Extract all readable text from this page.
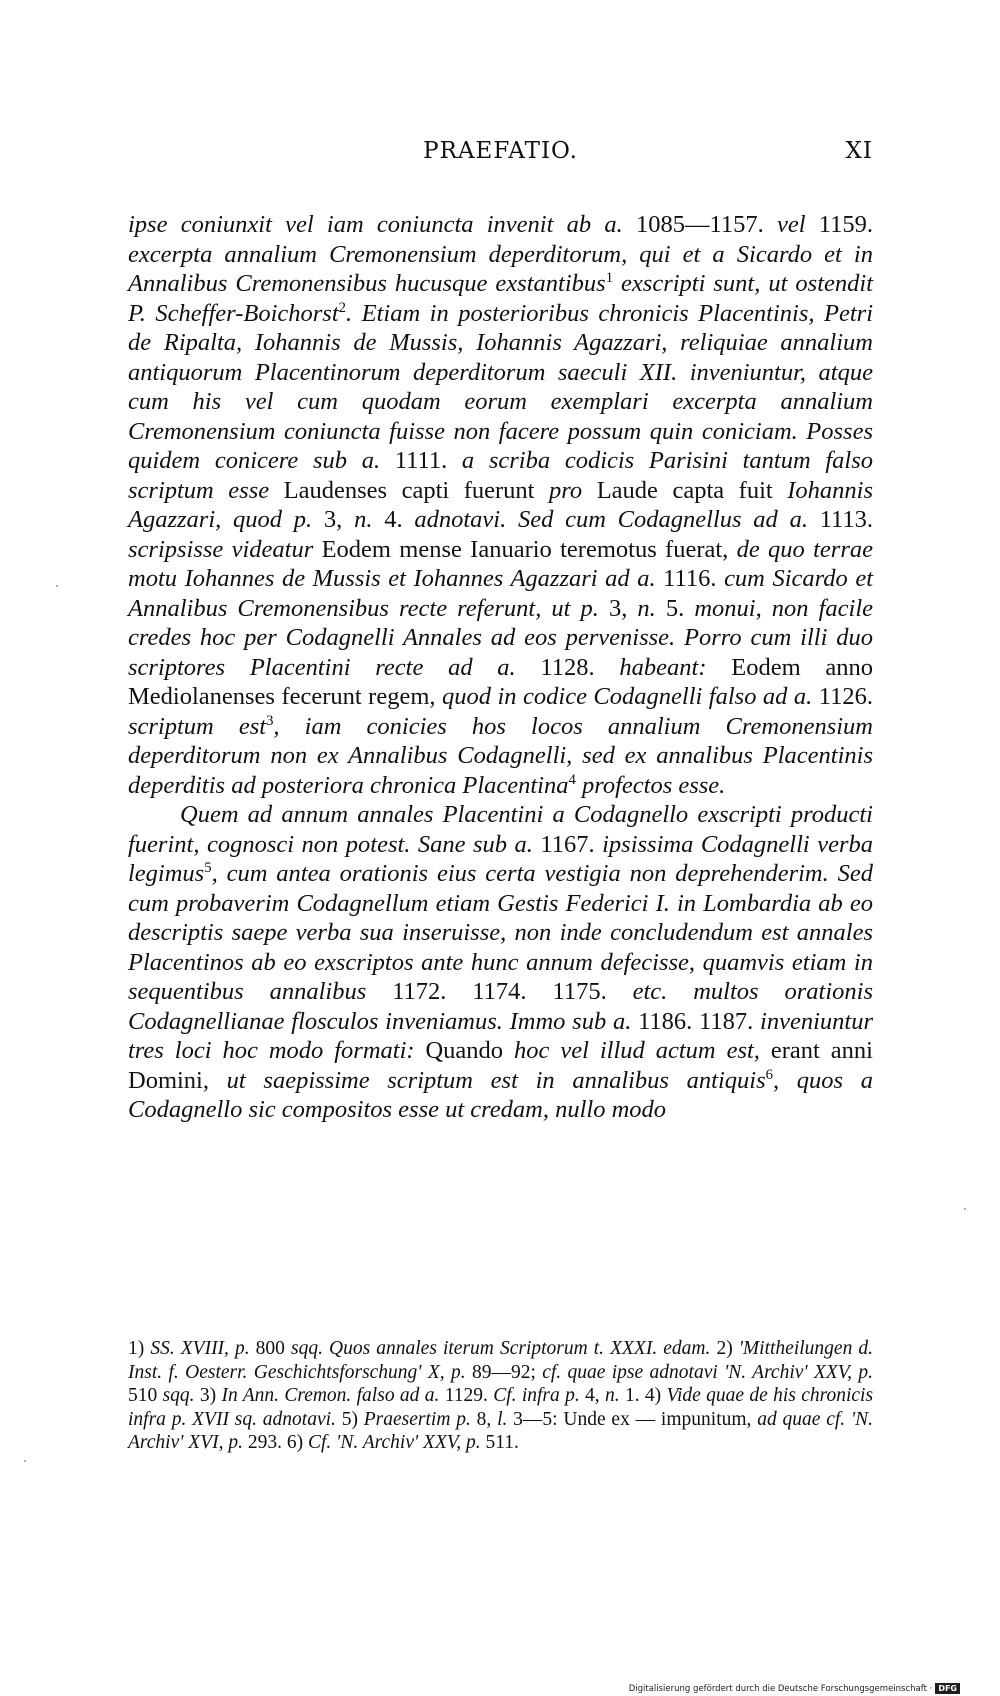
PRAEFATIO.	XI

ipse coniunxit vel iam coniuncta invenit ab a. 1085—1157. vel 1159. excerpta annalium Cremonensium deperditorum, qui et a Sicardo et in Annalibus Cremonensibus hucusque exstantibus$^1$ exscripti sunt, ut ostendit P. Scheffer-Boichorst$^2$. Etiam in posterioribus chronicis Placentinis, Petri de Ripalta, Iohannis de Mussis, Iohannis Agazzari, reliquiae annalium antiquorum Placentinorum deperditorum saeculi XII. inveniuntur, atque cum his vel cum quodam eorum exemplari excerpta annalium Cremonensium coniuncta fuisse non facere possum quin coniciam. Posses quidem conicere sub a. 1111. a scriba codicis Parisini tantum falso scriptum esse Laudenses capti fuerunt pro Laude capta fuit Iohannis Agazzari, quod p. 3, n. 4. adnotavi. Sed cum Codagnellus ad a. 1113. scripsisse videatur Eodem mense Ianuario teremotus fuerat, de quo terrae motu Iohannes de Mussis et Iohannes Agazzari ad a. 1116. cum Sicardo et Annalibus Cremonensibus recte referunt, ut p. 3, n. 5. monui, non facile credes hoc per Codagnelli Annales ad eos pervenisse. Porro cum illi duo scriptores Placentini recte ad a. 1128. habeant: Eodem anno Mediolanenses fecerunt regem, quod in codice Codagnelli falso ad a. 1126. scriptum est$^3$, iam conicies hos locos annalium Cremonensium deperditorum non ex Annalibus Codagnelli, sed ex annalibus Placentinis deperditis ad posteriora chronica Placentina$^4$ profectos esse.

Quem ad annum annales Placentini a Codagnello exscripti producti fuerint, cognosci non potest. Sane sub a. 1167. ipsissima Codagnelli verba legimus$^5$, cum antea orationis eius certa vestigia non deprehenderim. Sed cum probaverim Codagnellum etiam Gestis Federici I. in Lombardia ab eo descriptis saepe verba sua inseruisse, non inde concludendum est annales Placentinos ab eo exscriptos ante hunc annum defecisse, quamvis etiam in sequentibus annalibus 1172. 1174. 1175. etc. multos orationis Codagnellianae flosculos inveniamus. Immo sub a. 1186. 1187. inveniuntur tres loci hoc modo formati: Quando hoc vel illud actum est, erant anni Domini, ut saepissime scriptum est in annalibus antiquis$^6$, quos a Codagnello sic compositos esse ut credam, nullo modo

1) SS. XVIII, p. 800 sqq. Quos annales iterum Scriptorum t. XXXI. edam. 2) 'Mittheilungen d. Inst. f. Oesterr. Geschichtsforschung' X, p. 89—92; cf. quae ipse adnotavi 'N. Archiv' XXV, p. 510 sqq. 3) In Ann. Cremon. falso ad a. 1129. Cf. infra p. 4, n. 1. 4) Vide quae de his chronicis infra p. XVII sq. adnotavi. 5) Praesertim p. 8, l. 3—5: Unde ex — impunitum, ad quae cf. 'N. Archiv' XVI, p. 293. 6) Cf. 'N. Archiv' XXV, p. 511.

Digitalisierung gefördert durch die Deutsche Forschungsgemeinschaft · DFG
